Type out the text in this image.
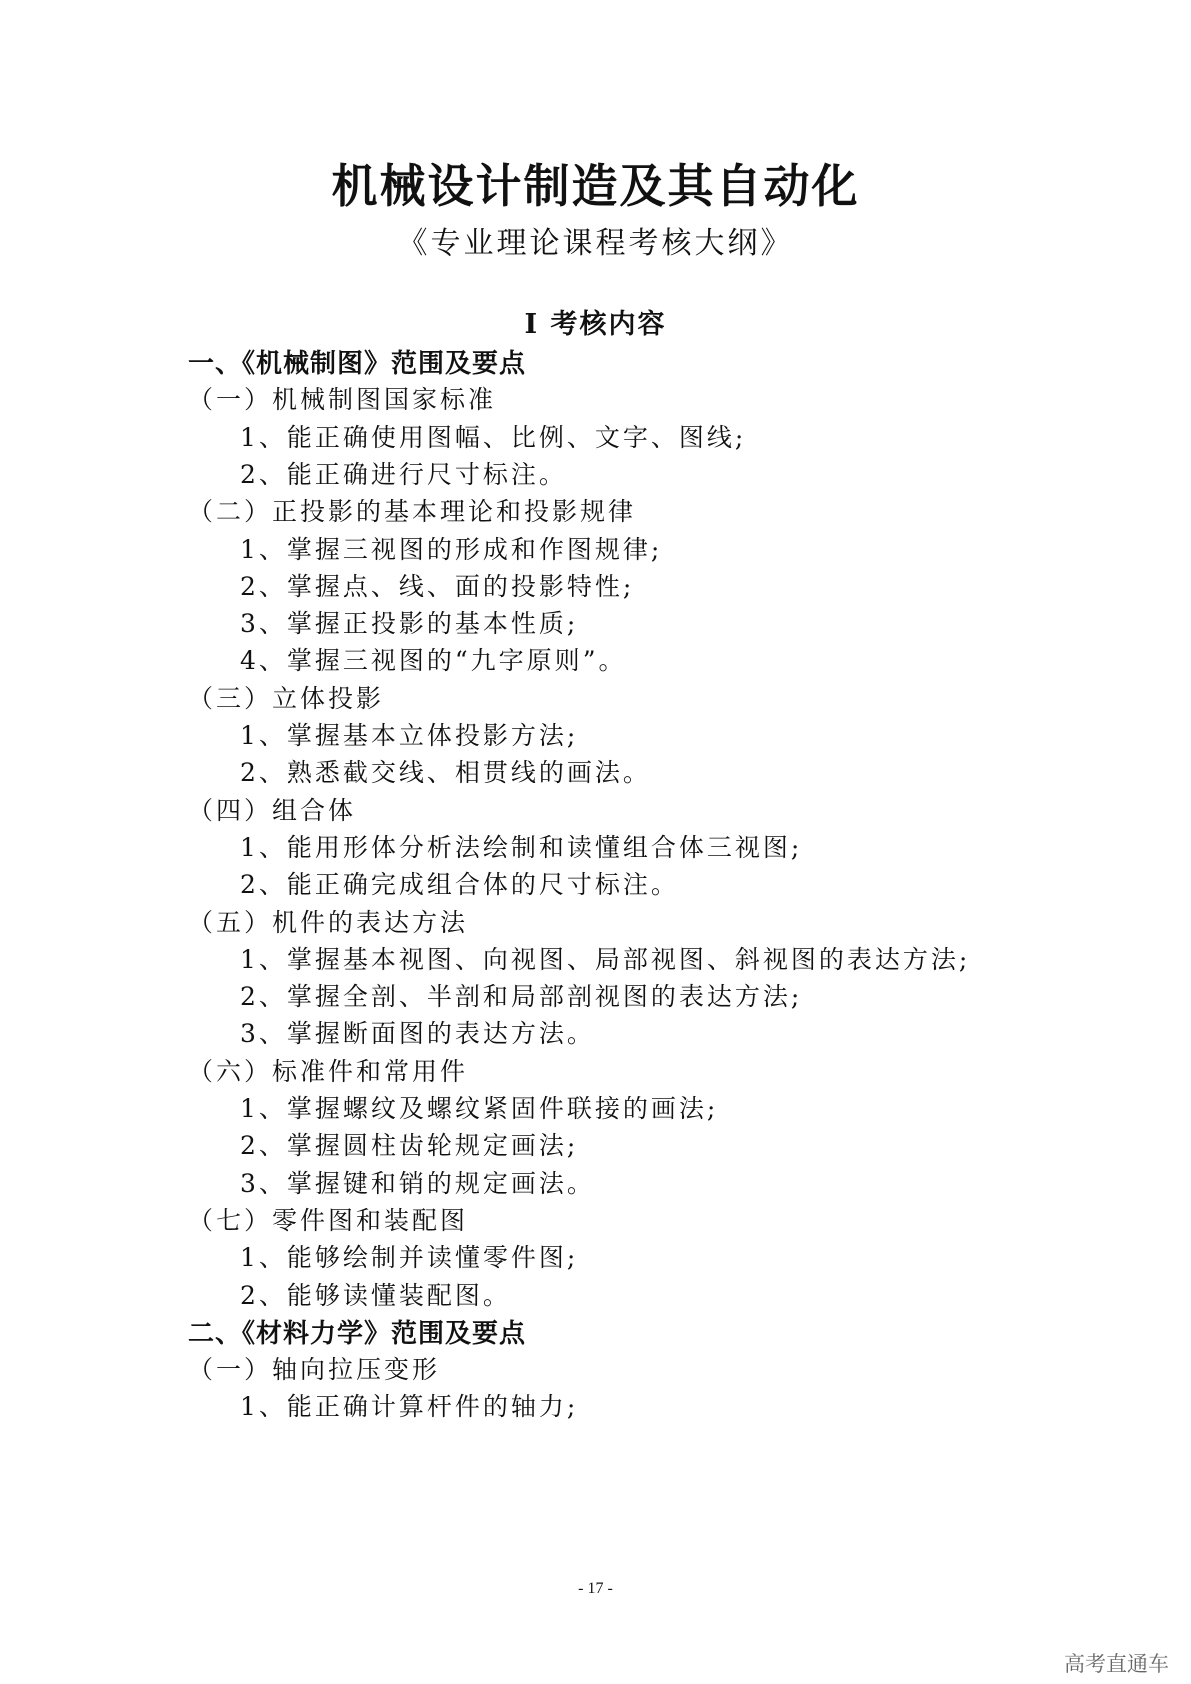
机械设计制造及其自动化
《专业理论课程考核大纲》
I 考核内容
一、《机械制图》范围及要点
（一）机械制图国家标准
1、能正确使用图幅、比例、文字、图线;
2、能正确进行尺寸标注。
（二）正投影的基本理论和投影规律
1、掌握三视图的形成和作图规律;
2、掌握点、线、面的投影特性;
3、掌握正投影的基本性质;
4、掌握三视图的“九字原则”。
（三）立体投影
1、掌握基本立体投影方法;
2、熟悉截交线、相贯线的画法。
（四）组合体
1、能用形体分析法绘制和读懂组合体三视图;
2、能正确完成组合体的尺寸标注。
（五）机件的表达方法
1、掌握基本视图、向视图、局部视图、斜视图的表达方法;
2、掌握全剖、半剖和局部剖视图的表达方法;
3、掌握断面图的表达方法。
（六）标准件和常用件
1、掌握螺纹及螺纹紧固件联接的画法;
2、掌握圆柱齿轮规定画法;
3、掌握键和销的规定画法。
（七）零件图和装配图
1、能够绘制并读懂零件图;
2、能够读懂装配图。
二、《材料力学》范围及要点
（一）轴向拉压变形
1、能正确计算杆件的轴力;
- 17 -
高考直通车
